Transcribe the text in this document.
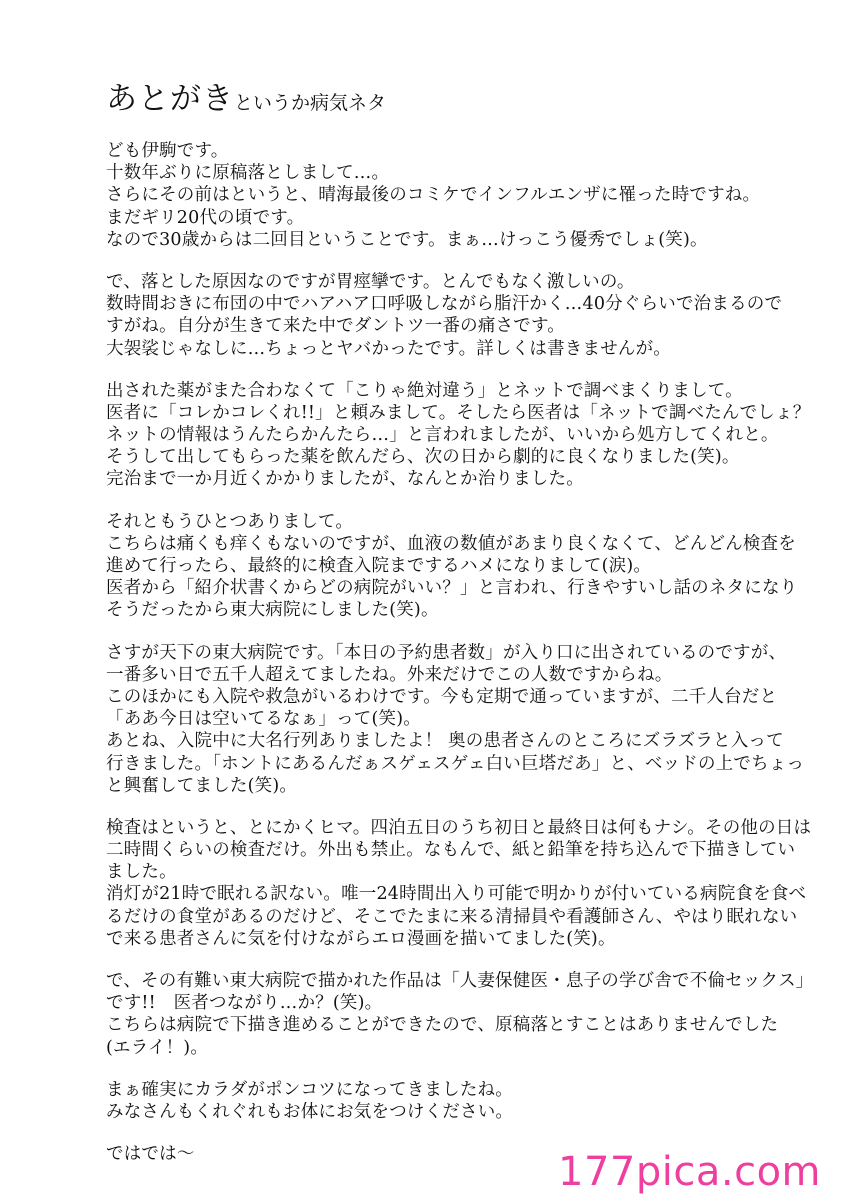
あとがきというか病気ネタ
ども伊駒です。
十数年ぶりに原稿落としまして…。
さらにその前はというと、晴海最後のコミケでインフルエンザに罹った時ですね。
まだギリ20代の頃です。
なので30歳からは二回目ということです。まぁ…けっこう優秀でしょ(笑)。
で、落とした原因なのですが胃痙攣です。とんでもなく激しいの。
数時間おきに布団の中でハアハア口呼吸しながら脂汗かく…40分ぐらいで治まるので
すがね。自分が生きて来た中でダントツ一番の痛さです。
大袈裟じゃなしに…ちょっとヤバかったです。詳しくは書きませんが。
出された薬がまた合わなくて「こりゃ絶対違う」とネットで調べまくりまして。
医者に「コレかコレくれ!!」と頼みまして。そしたら医者は「ネットで調べたんでしょ？
ネットの情報はうんたらかんたら…」と言われましたが、いいから処方してくれと。
そうして出してもらった薬を飲んだら、次の日から劇的に良くなりました(笑)。
完治まで一か月近くかかりましたが、なんとか治りました。
それともうひとつありまして。
こちらは痛くも痒くもないのですが、血液の数値があまり良くなくて、どんどん検査を
進めて行ったら、最終的に検査入院までするハメになりまして(涙)。
医者から「紹介状書くからどの病院がいい？」と言われ、行きやすいし話のネタになり
そうだったから東大病院にしました(笑)。
さすが天下の東大病院です。「本日の予約患者数」が入り口に出されているのですが、
一番多い日で五千人超えてましたね。外来だけでこの人数ですからね。
このほかにも入院や救急がいるわけです。今も定期で通っていますが、二千人台だと
「ああ今日は空いてるなぁ」って(笑)。
あとね、入院中に大名行列ありましたよ！ 奥の患者さんのところにズラズラと入って
行きました。「ホントにあるんだぁスゲェスゲェ白い巨塔だあ」と、ベッドの上でちょっ
と興奮してました(笑)。
検査はというと、とにかくヒマ。四泊五日のうち初日と最終日は何もナシ。その他の日は
二時間くらいの検査だけ。外出も禁止。なもんで、紙と鉛筆を持ち込んで下描きしてい
ました。
消灯が21時で眠れる訳ない。唯一24時間出入り可能で明かりが付いている病院食を食べ
るだけの食堂があるのだけど、そこでたまに来る清掃員や看護師さん、やはり眠れない
で来る患者さんに気を付けながらエロ漫画を描いてました(笑)。
で、その有難い東大病院で描かれた作品は「人妻保健医・息子の学び舎で不倫セックス」
です!!　医者つながり…か？(笑)。
こちらは病院で下描き進めることができたので、原稿落とすことはありませんでした
(エライ！)。
まぁ確実にカラダがポンコツになってきましたね。
みなさんもくれぐれもお体にお気をつけください。
ではでは～	177pica.com
